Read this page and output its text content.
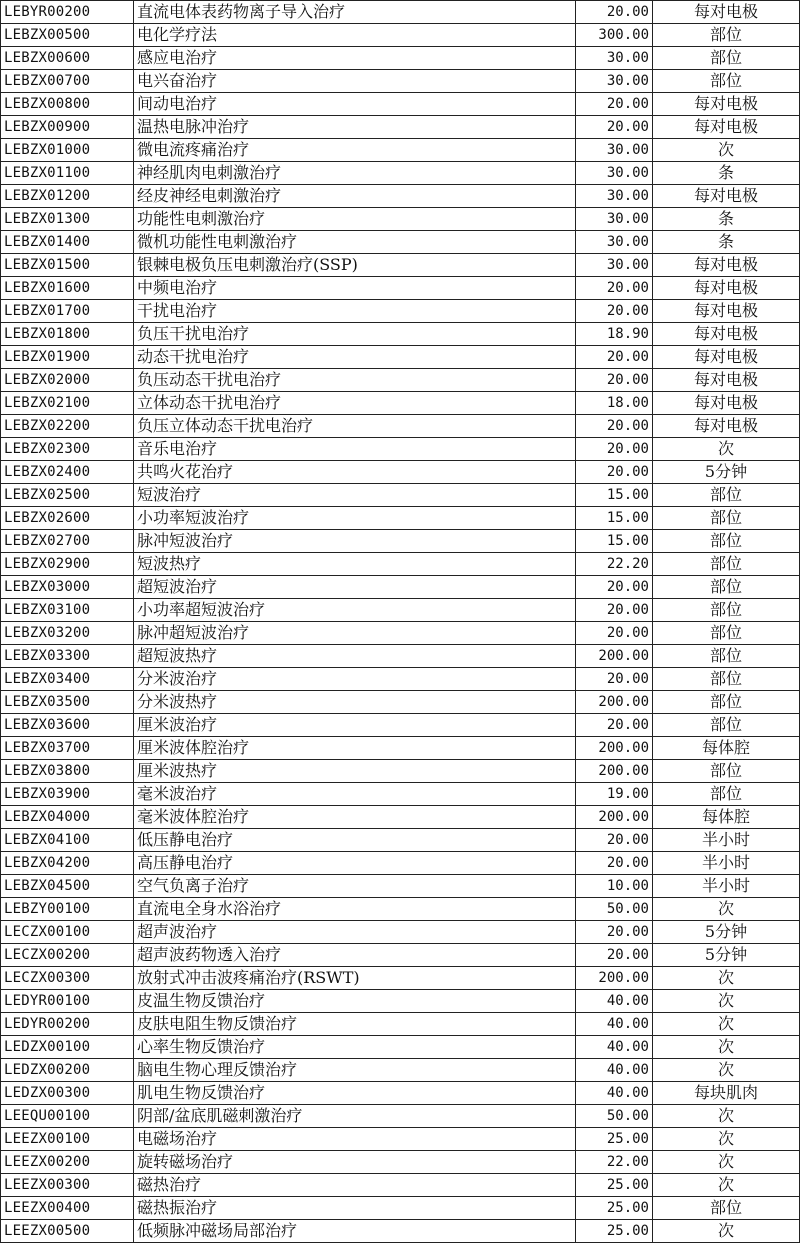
LEBYR00200	直流电体表药物离子导入治疗	20.00	每对电极
LEBZX00500	电化学疗法	300.00	部位
LEBZX00600	感应电治疗	30.00	部位
LEBZX00700	电兴奋治疗	30.00	部位
LEBZX00800	间动电治疗	20.00	每对电极
LEBZX00900	温热电脉冲治疗	20.00	每对电极
LEBZX01000	微电流疼痛治疗	30.00	次
LEBZX01100	神经肌肉电刺激治疗	30.00	条
LEBZX01200	经皮神经电刺激治疗	30.00	每对电极
LEBZX01300	功能性电刺激治疗	30.00	条
LEBZX01400	微机功能性电刺激治疗	30.00	条
LEBZX01500	银棘电极负压电刺激治疗(SSP)	30.00	每对电极
LEBZX01600	中频电治疗	20.00	每对电极
LEBZX01700	干扰电治疗	20.00	每对电极
LEBZX01800	负压干扰电治疗	18.90	每对电极
LEBZX01900	动态干扰电治疗	20.00	每对电极
LEBZX02000	负压动态干扰电治疗	20.00	每对电极
LEBZX02100	立体动态干扰电治疗	18.00	每对电极
LEBZX02200	负压立体动态干扰电治疗	20.00	每对电极
LEBZX02300	音乐电治疗	20.00	次
LEBZX02400	共鸣火花治疗	20.00	5分钟
LEBZX02500	短波治疗	15.00	部位
LEBZX02600	小功率短波治疗	15.00	部位
LEBZX02700	脉冲短波治疗	15.00	部位
LEBZX02900	短波热疗	22.20	部位
LEBZX03000	超短波治疗	20.00	部位
LEBZX03100	小功率超短波治疗	20.00	部位
LEBZX03200	脉冲超短波治疗	20.00	部位
LEBZX03300	超短波热疗	200.00	部位
LEBZX03400	分米波治疗	20.00	部位
LEBZX03500	分米波热疗	200.00	部位
LEBZX03600	厘米波治疗	20.00	部位
LEBZX03700	厘米波体腔治疗	200.00	每体腔
LEBZX03800	厘米波热疗	200.00	部位
LEBZX03900	毫米波治疗	19.00	部位
LEBZX04000	毫米波体腔治疗	200.00	每体腔
LEBZX04100	低压静电治疗	20.00	半小时
LEBZX04200	高压静电治疗	20.00	半小时
LEBZX04500	空气负离子治疗	10.00	半小时
LEBZY00100	直流电全身水浴治疗	50.00	次
LECZX00100	超声波治疗	20.00	5分钟
LECZX00200	超声波药物透入治疗	20.00	5分钟
LECZX00300	放射式冲击波疼痛治疗(RSWT)	200.00	次
LEDYR00100	皮温生物反馈治疗	40.00	次
LEDYR00200	皮肤电阻生物反馈治疗	40.00	次
LEDZX00100	心率生物反馈治疗	40.00	次
LEDZX00200	脑电生物心理反馈治疗	40.00	次
LEDZX00300	肌电生物反馈治疗	40.00	每块肌肉
LEEQU00100	阴部/盆底肌磁刺激治疗	50.00	次
LEEZX00100	电磁场治疗	25.00	次
LEEZX00200	旋转磁场治疗	22.00	次
LEEZX00300	磁热治疗	25.00	次
LEEZX00400	磁热振治疗	25.00	部位
LEEZX00500	低频脉冲磁场局部治疗	25.00	次
